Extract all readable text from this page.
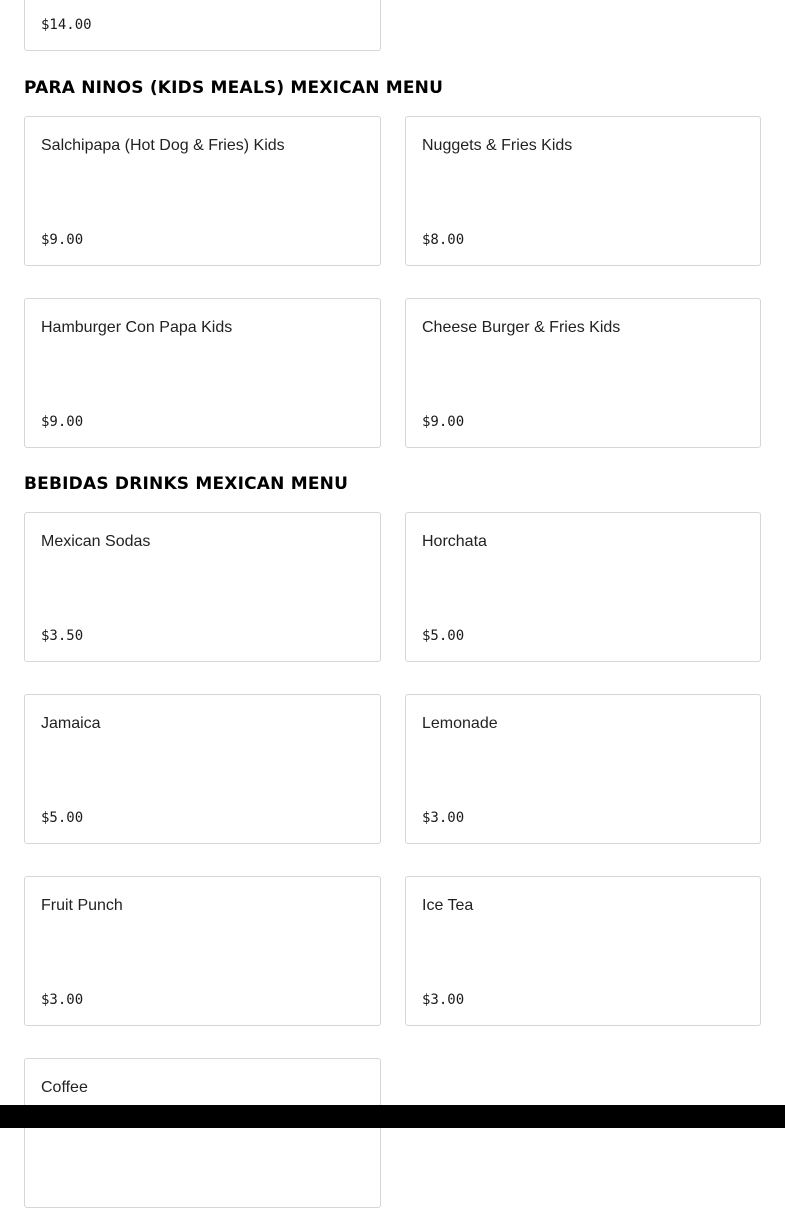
$14.00
PARA NINOS (KIDS MEALS) MEXICAN MENU
Salchipapa (Hot Dog & Fries) Kids
$9.00
Nuggets & Fries Kids
$8.00
Hamburger Con Papa Kids
$9.00
Cheese Burger & Fries Kids
$9.00
BEBIDAS DRINKS MEXICAN MENU
Mexican Sodas
$3.50
Horchata
$5.00
Jamaica
$5.00
Lemonade
$3.00
Fruit Punch
$3.00
Ice Tea
$3.00
Coffee
